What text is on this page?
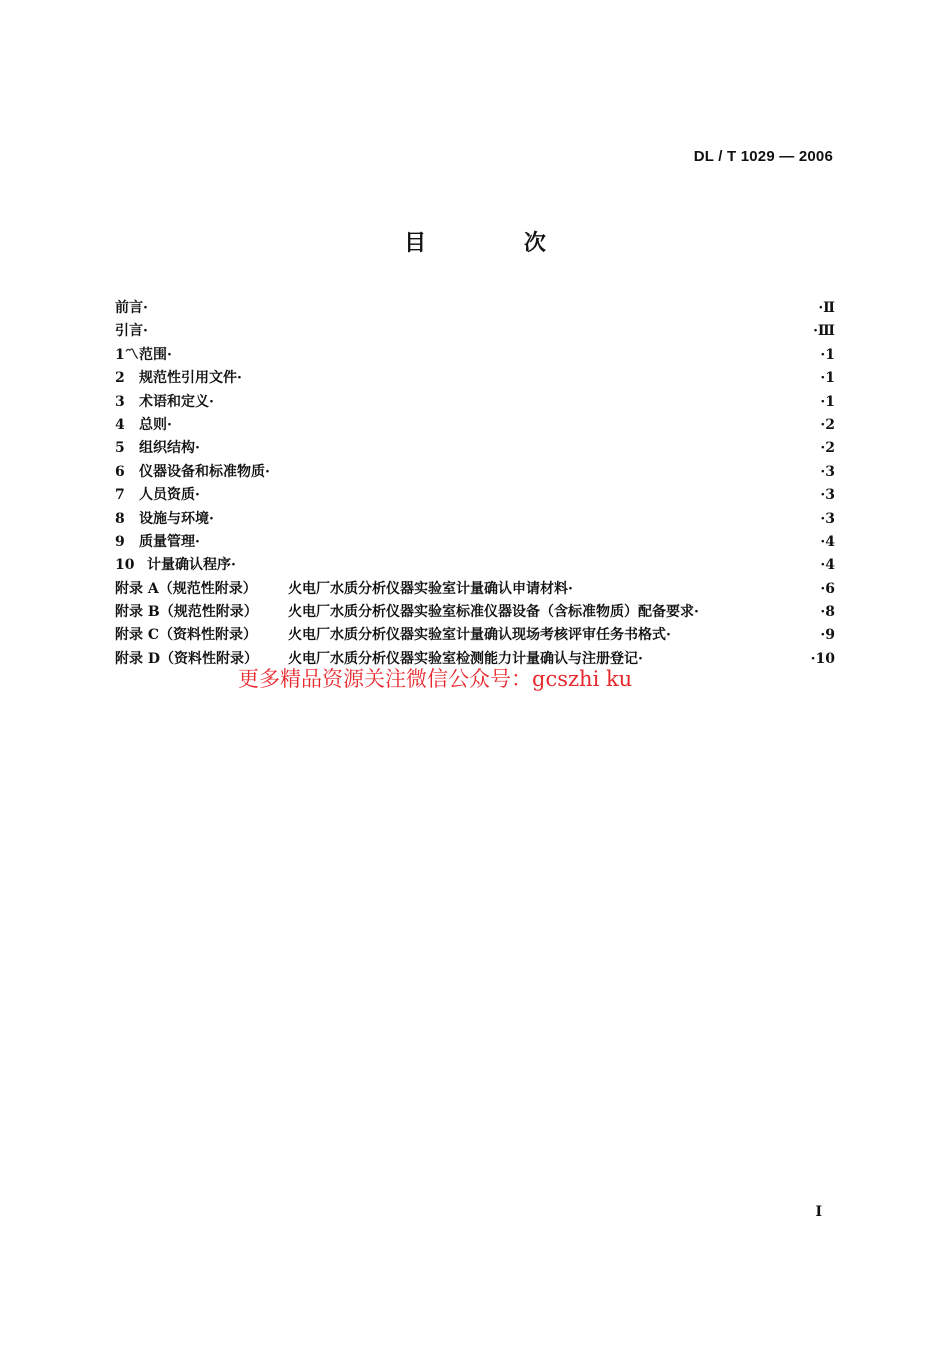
DL / T 1029 — 2006
目 次
前言·	·Ⅱ
引言·	·Ⅲ
1〽范围·	·1
2 规范性引用文件·	·1
3 术语和定义·	·1
4 总则·	·2
5 组织结构·	·2
6 仪器设备和标准物质·	·3
7 人员资质·	·3
8 设施与环境·	·3
9 质量管理·	·4
10 计量确认程序·	·4
附录 A（规范性附录） 火电厂水质分析仪器实验室计量确认申请材料·	·6
附录 B（规范性附录） 火电厂水质分析仪器实验室标准仪器设备（含标准物质）配备要求·	·8
附录 C（资料性附录） 火电厂水质分析仪器实验室计量确认现场考核评审任务书格式·	·9
附录 D（资料性附录） 火电厂水质分析仪器实验室检测能力计量确认与注册登记·	·10
更多精品资源关注微信公众号：gcszhi ku
I
